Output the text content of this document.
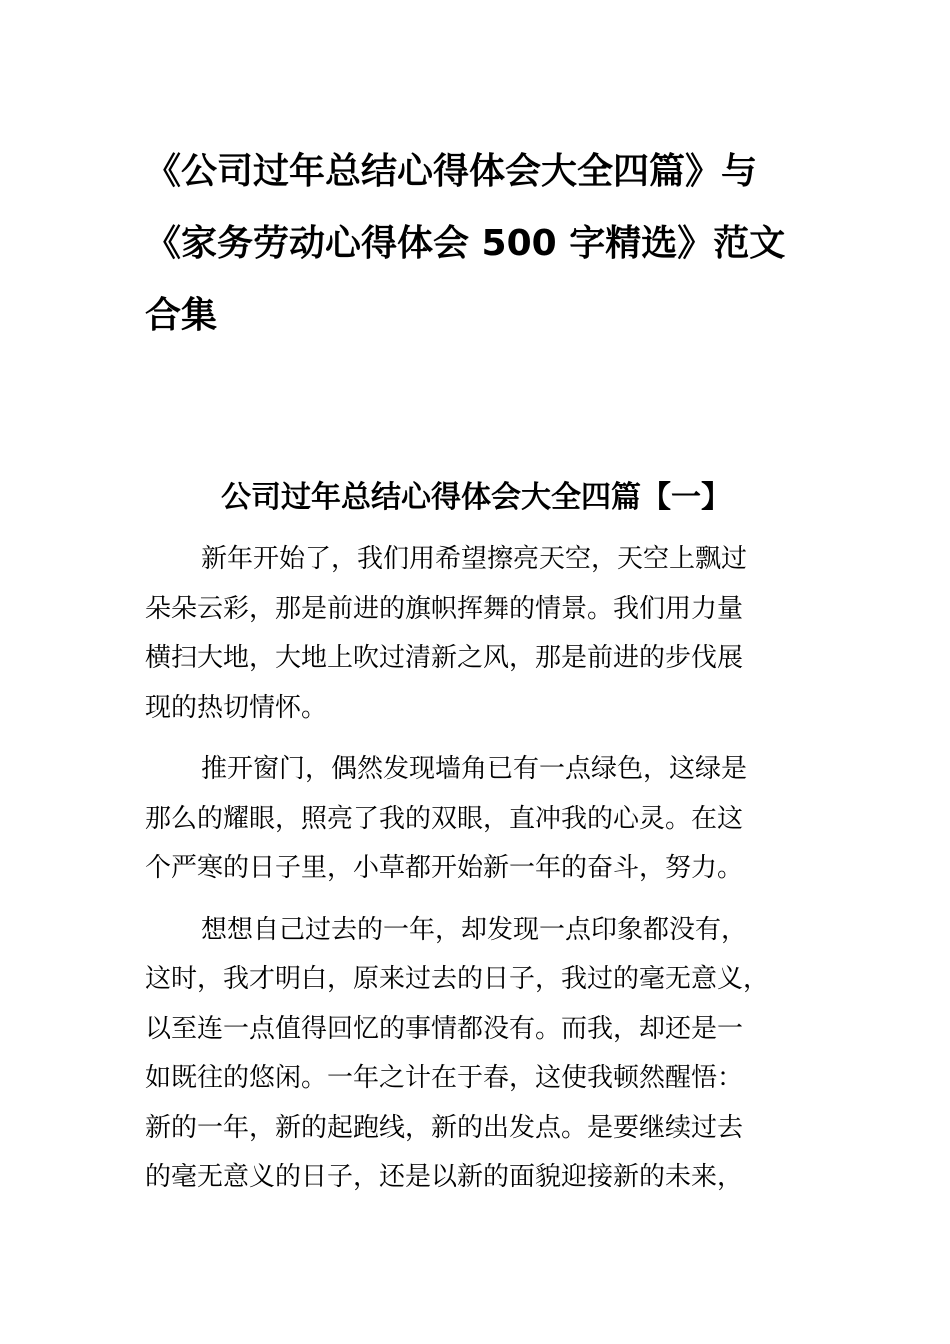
《公司过年总结心得体会大全四篇》与
《家务劳动心得体会 500 字精选》范文
合集
公司过年总结心得体会大全四篇【一】

新年开始了，我们用希望擦亮天空，天空上飘过
朵朵云彩，那是前进的旗帜挥舞的情景。我们用力量
横扫大地，大地上吹过清新之风，那是前进的步伐展
现的热切情怀。

推开窗门，偶然发现墙角已有一点绿色，这绿是
那么的耀眼，照亮了我的双眼，直冲我的心灵。在这
个严寒的日子里，小草都开始新一年的奋斗，努力。

想想自己过去的一年，却发现一点印象都没有，
这时，我才明白，原来过去的日子，我过的毫无意义，
以至连一点值得回忆的事情都没有。而我，却还是一
如既往的悠闲。一年之计在于春，这使我顿然醒悟：
新的一年，新的起跑线，新的出发点。是要继续过去
的毫无意义的日子，还是以新的面貌迎接新的未来，
